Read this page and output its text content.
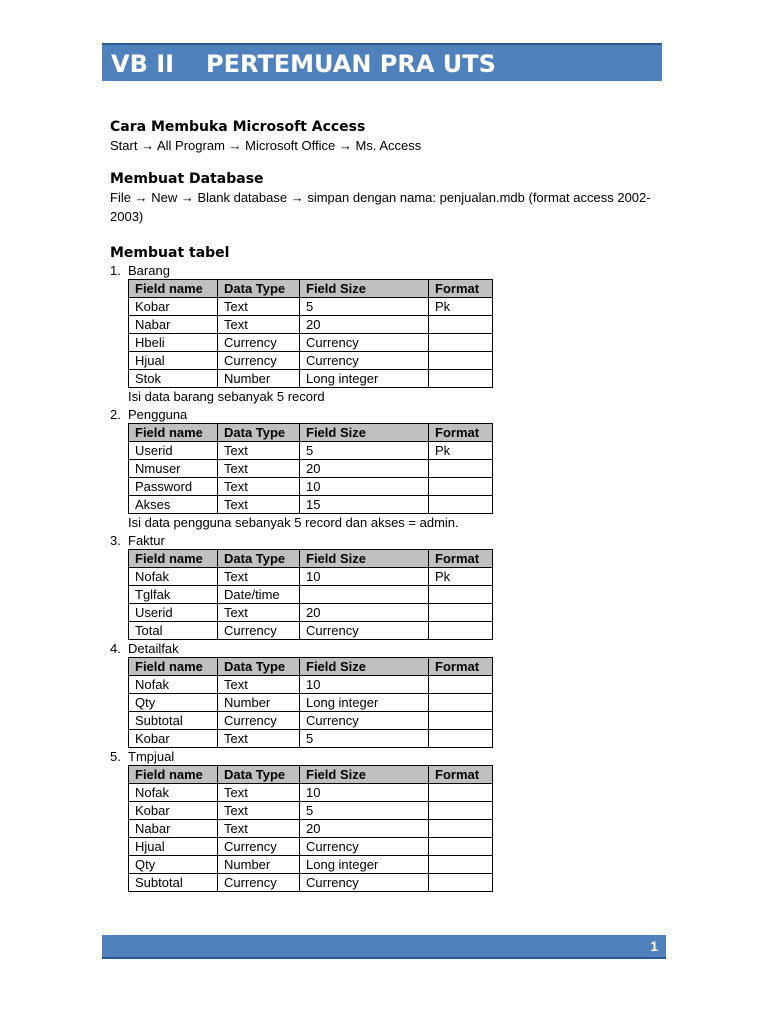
VB II PERTEMUAN PRA UTS
Cara Membuka Microsoft Access
Start → All Program → Microsoft Office → Ms. Access
Membuat Database
File → New → Blank database → simpan dengan nama: penjualan.mdb (format access 2002-2003)
Membuat tabel
1. Barang
Field name	Data Type	Field Size	Format
Kobar	Text	5	Pk
Nabar	Text	20	
Hbeli	Currency	Currency	
Hjual	Currency	Currency	
Stok	Number	Long integer	
Isi data barang sebanyak 5 record
2. Pengguna
Field name	Data Type	Field Size	Format
Userid	Text	5	Pk
Nmuser	Text	20	
Password	Text	10	
Akses	Text	15	
Isi data pengguna sebanyak 5 record dan akses = admin.
3. Faktur
Field name	Data Type	Field Size	Format
Nofak	Text	10	Pk
Tglfak	Date/time		
Userid	Text	20	
Total	Currency	Currency	
4. Detailfak
Field name	Data Type	Field Size	Format
Nofak	Text	10	
Qty	Number	Long integer	
Subtotal	Currency	Currency	
Kobar	Text	5	
5. Tmpjual
Field name	Data Type	Field Size	Format
Nofak	Text	10	
Kobar	Text	5	
Nabar	Text	20	
Hjual	Currency	Currency	
Qty	Number	Long integer	
Subtotal	Currency	Currency	
1
